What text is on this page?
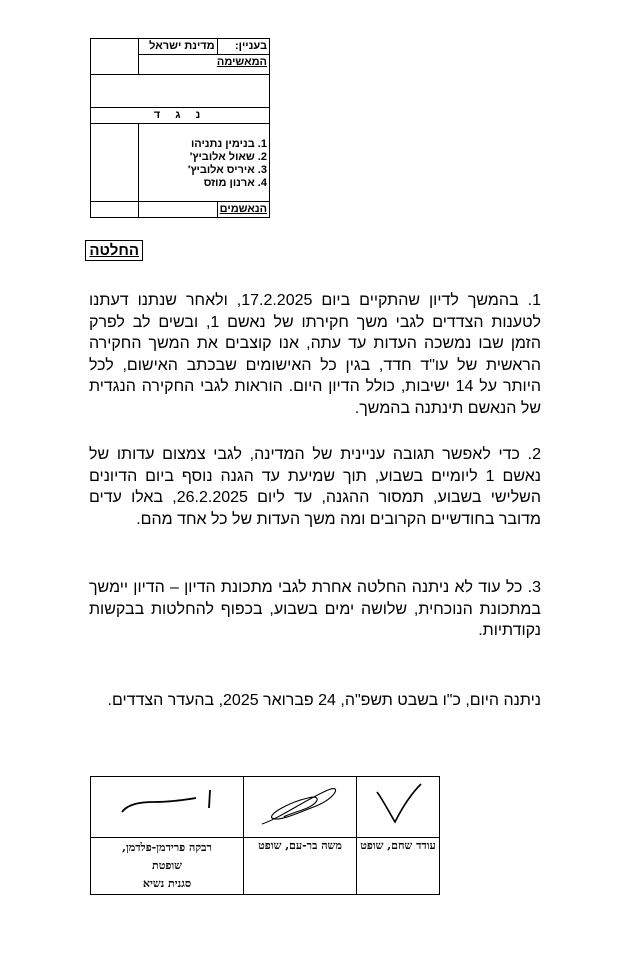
בעניין:	מדינת ישראל	
המאשימה		

נ ג ד		

1. בנימין נתניהו
2. שאול אלוביץ'
3. איריס אלוביץ'
4. ארנון מוזס		

הנאשמים		
החלטה
1. בהמשך לדיון שהתקיים ביום 17.2.2025, ולאחר שנתנו דעתנו לטענות הצדדים לגבי משך חקירתו של נאשם 1, ובשים לב לפרק הזמן שבו נמשכה העדות עד עתה, אנו קוצבים את המשך החקירה הראשית של עו"ד חדד, בגין כל האישומים שבכתב האישום, לכל היותר על 14 ישיבות, כולל הדיון היום. הוראות לגבי החקירה הנגדית של הנאשם תינתנה בהמשך.
2. כדי לאפשר תגובה עניינית של המדינה, לגבי צמצום עדותו של נאשם 1 ליומיים בשבוע, תוך שמיעת עד הגנה נוסף ביום הדיונים השלישי בשבוע, תמסור ההגנה, עד ליום 26.2.2025, באלו עדים מדובר בחודשיים הקרובים ומה משך העדות של כל אחד מהם.
3. כל עוד לא ניתנה החלטה אחרת לגבי מתכונת הדיון – הדיון יימשך במתכונת הנוכחית, שלושה ימים בשבוע, בכפוף להחלטות בבקשות נקודתיות.
ניתנה היום, כ"ו בשבט תשפ"ה, 24 פברואר 2025, בהעדר הצדדים.

עודד שחם, שופט	משה בר-עם, שופט	רבקה פרידמן-פלדמן,
שופטת
סגנית נשיא
